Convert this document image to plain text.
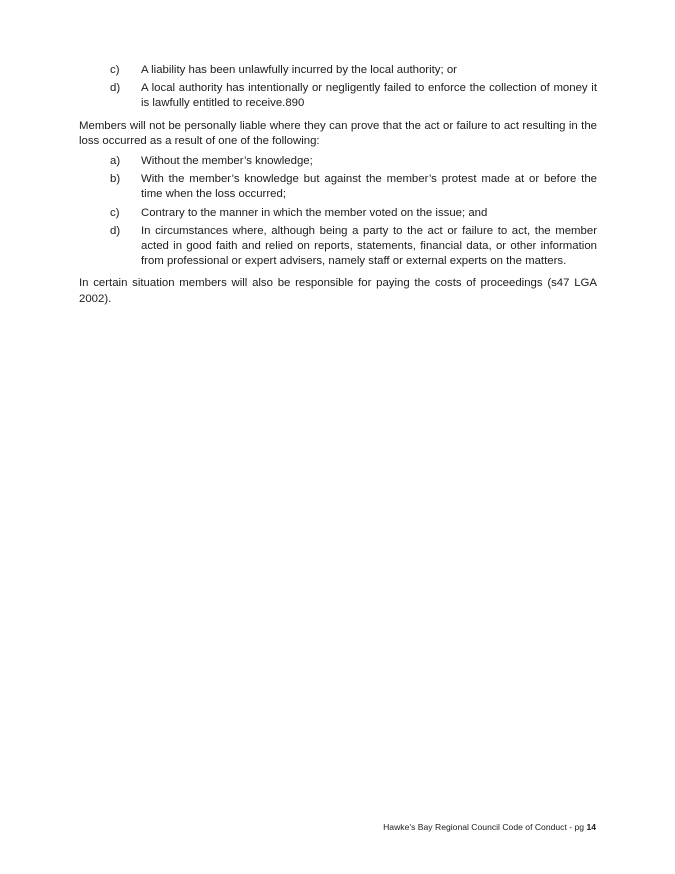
c)	A liability has been unlawfully incurred by the local authority; or
d)	A local authority has intentionally or negligently failed to enforce the collection of money it is lawfully entitled to receive.890

Members will not be personally liable where they can prove that the act or failure to act resulting in the loss occurred as a result of one of the following:

a)	Without the member’s knowledge;
b)	With the member’s knowledge but against the member’s protest made at or before the time when the loss occurred;
c)	Contrary to the manner in which the member voted on the issue; and
d)	In circumstances where, although being a party to the act or failure to act, the member acted in good faith and relied on reports, statements, financial data, or other information from professional or expert advisers, namely staff or external experts on the matters.

In certain situation members will also be responsible for paying the costs of proceedings (s47 LGA 2002).

Hawke’s Bay Regional Council Code of Conduct - pg 14
